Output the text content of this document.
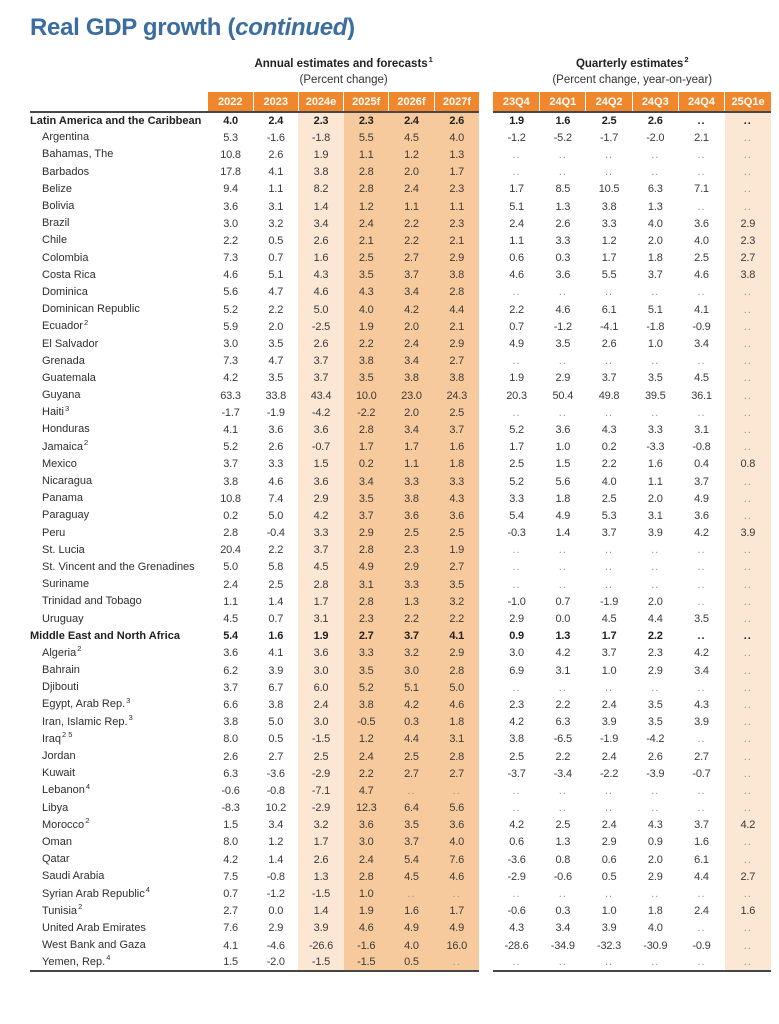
Real GDP growth (continued)

Annual estimates and forecasts$^1$
(Percent change)

Quarterly estimates$^2$
(Percent change, year-on-year)

	2022	2023	2024e	2025f	2026f	2027f		23Q4	24Q1	24Q2	24Q3	24Q4	25Q1e
Latin America and the Caribbean	4.0	2.4	2.3	2.3	2.4	2.6		1.9	1.6	2.5	2.6	..	..
Argentina	5.3	-1.6	-1.8	5.5	4.5	4.0		-1.2	-5.2	-1.7	-2.0	2.1	..
Bahamas, The	10.8	2.6	1.9	1.1	1.2	1.3		..	..	..	..	..	..
Barbados	17.8	4.1	3.8	2.8	2.0	1.7		..	..	..	..	..	..
Belize	9.4	1.1	8.2	2.8	2.4	2.3		1.7	8.5	10.5	6.3	7.1	..
Bolivia	3.6	3.1	1.4	1.2	1.1	1.1		5.1	1.3	3.8	1.3	..	..
Brazil	3.0	3.2	3.4	2.4	2.2	2.3		2.4	2.6	3.3	4.0	3.6	2.9
Chile	2.2	0.5	2.6	2.1	2.2	2.1		1.1	3.3	1.2	2.0	4.0	2.3
Colombia	7.3	0.7	1.6	2.5	2.7	2.9		0.6	0.3	1.7	1.8	2.5	2.7
Costa Rica	4.6	5.1	4.3	3.5	3.7	3.8		4.6	3.6	5.5	3.7	4.6	3.8
Dominica	5.6	4.7	4.6	4.3	3.4	2.8		..	..	..	..	..	..
Dominican Republic	5.2	2.2	5.0	4.0	4.2	4.4		2.2	4.6	6.1	5.1	4.1	..
Ecuador$^2$	5.9	2.0	-2.5	1.9	2.0	2.1		0.7	-1.2	-4.1	-1.8	-0.9	..
El Salvador	3.0	3.5	2.6	2.2	2.4	2.9		4.9	3.5	2.6	1.0	3.4	..
Grenada	7.3	4.7	3.7	3.8	3.4	2.7		..	..	..	..	..	..
Guatemala	4.2	3.5	3.7	3.5	3.8	3.8		1.9	2.9	3.7	3.5	4.5	..
Guyana	63.3	33.8	43.4	10.0	23.0	24.3		20.3	50.4	49.8	39.5	36.1	..
Haiti$^3$	-1.7	-1.9	-4.2	-2.2	2.0	2.5		..	..	..	..	..	..
Honduras	4.1	3.6	3.6	2.8	3.4	3.7		5.2	3.6	4.3	3.3	3.1	..
Jamaica$^2$	5.2	2.6	-0.7	1.7	1.7	1.6		1.7	1.0	0.2	-3.3	-0.8	..
Mexico	3.7	3.3	1.5	0.2	1.1	1.8		2.5	1.5	2.2	1.6	0.4	0.8
Nicaragua	3.8	4.6	3.6	3.4	3.3	3.3		5.2	5.6	4.0	1.1	3.7	..
Panama	10.8	7.4	2.9	3.5	3.8	4.3		3.3	1.8	2.5	2.0	4.9	..
Paraguay	0.2	5.0	4.2	3.7	3.6	3.6		5.4	4.9	5.3	3.1	3.6	..
Peru	2.8	-0.4	3.3	2.9	2.5	2.5		-0.3	1.4	3.7	3.9	4.2	3.9
St. Lucia	20.4	2.2	3.7	2.8	2.3	1.9		..	..	..	..	..	..
St. Vincent and the Grenadines	5.0	5.8	4.5	4.9	2.9	2.7		..	..	..	..	..	..
Suriname	2.4	2.5	2.8	3.1	3.3	3.5		..	..	..	..	..	..
Trinidad and Tobago	1.1	1.4	1.7	2.8	1.3	3.2		-1.0	0.7	-1.9	2.0	..	..
Uruguay	4.5	0.7	3.1	2.3	2.2	2.2		2.9	0.0	4.5	4.4	3.5	..
Middle East and North Africa	5.4	1.6	1.9	2.7	3.7	4.1		0.9	1.3	1.7	2.2	..	..
Algeria$^2$	3.6	4.1	3.6	3.3	3.2	2.9		3.0	4.2	3.7	2.3	4.2	..
Bahrain	6.2	3.9	3.0	3.5	3.0	2.8		6.9	3.1	1.0	2.9	3.4	..
Djibouti	3.7	6.7	6.0	5.2	5.1	5.0		..	..	..	..	..	..
Egypt, Arab Rep.$^3$	6.6	3.8	2.4	3.8	4.2	4.6		2.3	2.2	2.4	3.5	4.3	..
Iran, Islamic Rep.$^3$	3.8	5.0	3.0	-0.5	0.3	1.8		4.2	6.3	3.9	3.5	3.9	..
Iraq$^{2 5}$	8.0	0.5	-1.5	1.2	4.4	3.1		3.8	-6.5	-1.9	-4.2	..	..
Jordan	2.6	2.7	2.5	2.4	2.5	2.8		2.5	2.2	2.4	2.6	2.7	..
Kuwait	6.3	-3.6	-2.9	2.2	2.7	2.7		-3.7	-3.4	-2.2	-3.9	-0.7	..
Lebanon$^4$	-0.6	-0.8	-7.1	4.7	..	..		..	..	..	..	..	..
Libya	-8.3	10.2	-2.9	12.3	6.4	5.6		..	..	..	..	..	..
Morocco$^2$	1.5	3.4	3.2	3.6	3.5	3.6		4.2	2.5	2.4	4.3	3.7	4.2
Oman	8.0	1.2	1.7	3.0	3.7	4.0		0.6	1.3	2.9	0.9	1.6	..
Qatar	4.2	1.4	2.6	2.4	5.4	7.6		-3.6	0.8	0.6	2.0	6.1	..
Saudi Arabia	7.5	-0.8	1.3	2.8	4.5	4.6		-2.9	-0.6	0.5	2.9	4.4	2.7
Syrian Arab Republic$^4$	0.7	-1.2	-1.5	1.0	..	..		..	..	..	..	..	..
Tunisia$^2$	2.7	0.0	1.4	1.9	1.6	1.7		-0.6	0.3	1.0	1.8	2.4	1.6
United Arab Emirates	7.6	2.9	3.9	4.6	4.9	4.9		4.3	3.4	3.9	4.0	..	..
West Bank and Gaza	4.1	-4.6	-26.6	-1.6	4.0	16.0		-28.6	-34.9	-32.3	-30.9	-0.9	..
Yemen, Rep.$^4$	1.5	-2.0	-1.5	-1.5	0.5	..		..	..	..	..	..	..
